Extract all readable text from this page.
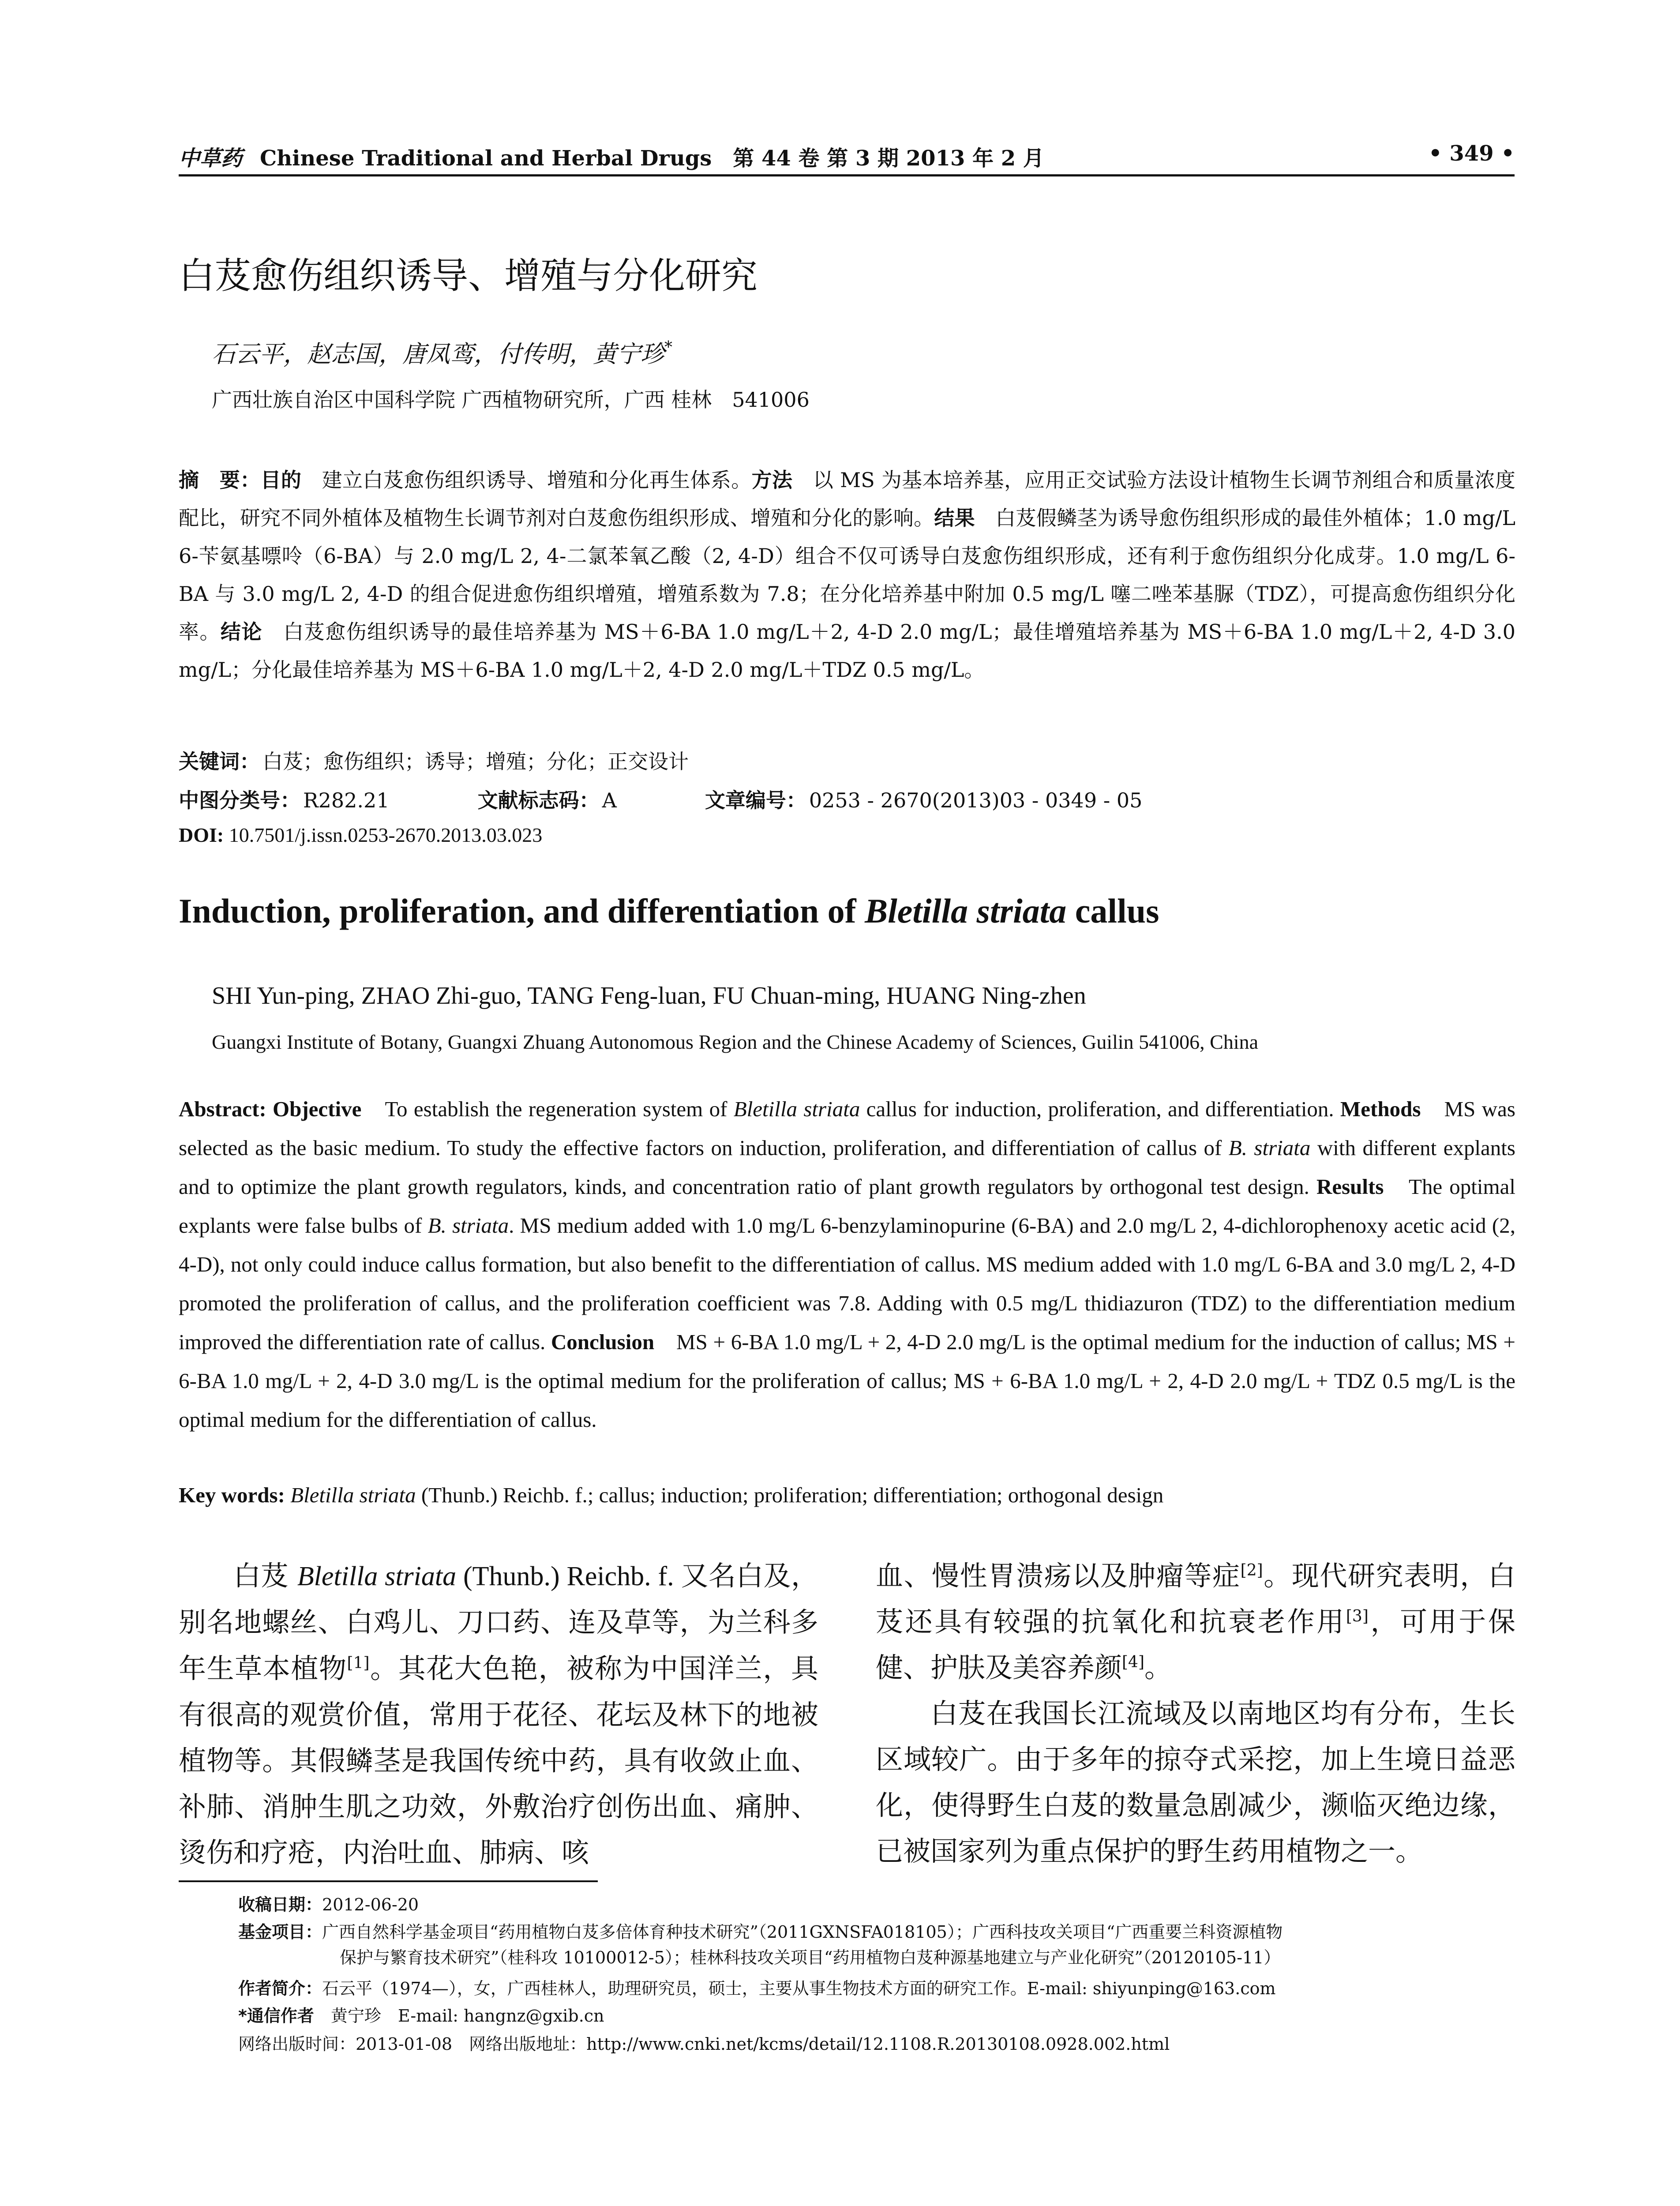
中草药 Chinese Traditional and Herbal Drugs　第 44 卷 第 3 期 2013 年 2 月	• 349 •
白芨愈伤组织诱导、增殖与分化研究
石云平，赵志国，唐凤鸾，付传明，黄宁珍*
广西壮族自治区中国科学院 广西植物研究所，广西 桂林　541006
摘　要：目的　 建立白芨愈伤组织诱导、增殖和分化再生体系。方法　 以 MS 为基本培养基，应用正交试验方法设计植物生长调节剂组合和质量浓度配比，研究不同外植体及植物生长调节剂对白芨愈伤组织形成、增殖和分化的影响。结果　 白芨假鳞茎为诱导愈伤组织形成的最佳外植体；1.0 mg/L 6-苄氨基嘌呤（6-BA）与 2.0 mg/L 2, 4-二氯苯氧乙酸（2, 4-D）组合不仅可诱导白芨愈伤组织形成，还有利于愈伤组织分化成芽。1.0 mg/L 6-BA 与 3.0 mg/L 2, 4-D 的组合促进愈伤组织增殖，增殖系数为 7.8；在分化培养基中附加 0.5 mg/L 噻二唑苯基脲（TDZ），可提高愈伤组织分化率。结论　 白芨愈伤组织诱导的最佳培养基为 MS＋6-BA 1.0 mg/L＋2, 4-D 2.0 mg/L；最佳增殖培养基为 MS＋6-BA 1.0 mg/L＋2, 4-D 3.0 mg/L；分化最佳培养基为 MS＋6-BA 1.0 mg/L＋2, 4-D 2.0 mg/L＋TDZ 0.5 mg/L。
关键词： 白芨；愈伤组织；诱导；增殖；分化；正交设计
中图分类号： R282.21	文献标志码： A	文章编号： 0253 - 2670(2013)03 - 0349 - 05
DOI: 10.7501/j.issn.0253-2670.2013.03.023
Induction, proliferation, and differentiation of Bletilla striata callus
SHI Yun-ping, ZHAO Zhi-guo, TANG Feng-luan, FU Chuan-ming, HUANG Ning-zhen
Guangxi Institute of Botany, Guangxi Zhuang Autonomous Region and the Chinese Academy of Sciences, Guilin 541006, China
Abstract: Objective　 To establish the regeneration system of Bletilla striata callus for induction, proliferation, and differentiation. Methods　 MS was selected as the basic medium. To study the effective factors on induction, proliferation, and differentiation of callus of B. striata with different explants and to optimize the plant growth regulators, kinds, and concentration ratio of plant growth regulators by orthogonal test design. Results　 The optimal explants were false bulbs of B. striata. MS medium added with 1.0 mg/L 6-benzylaminopurine (6-BA) and 2.0 mg/L 2, 4-dichlorophenoxy acetic acid (2, 4-D), not only could induce callus formation, but also benefit to the differentiation of callus. MS medium added with 1.0 mg/L 6-BA and 3.0 mg/L 2, 4-D promoted the proliferation of callus, and the proliferation coefficient was 7.8. Adding with 0.5 mg/L thidiazuron (TDZ) to the differentiation medium improved the differentiation rate of callus. Conclusion　 MS + 6-BA 1.0 mg/L + 2, 4-D 2.0 mg/L is the optimal medium for the induction of callus; MS + 6-BA 1.0 mg/L + 2, 4-D 3.0 mg/L is the optimal medium for the proliferation of callus; MS + 6-BA 1.0 mg/L + 2, 4-D 2.0 mg/L + TDZ 0.5 mg/L is the optimal medium for the differentiation of callus.
Key words: Bletilla striata (Thunb.) Reichb. f.; callus; induction; proliferation; differentiation; orthogonal design

白芨 Bletilla striata (Thunb.) Reichb. f. 又名白及，别名地螺丝、白鸡儿、刀口药、连及草等，为兰科多年生草本植物[1]。其花大色艳，被称为中国洋兰，具有很高的观赏价值，常用于花径、花坛及林下的地被植物等。其假鳞茎是我国传统中药，具有收敛止血、补肺、消肿生肌之功效，外敷治疗创伤出血、痛肿、烫伤和疗疮，内治吐血、肺病、咳

血、慢性胃溃疡以及肿瘤等症[2]。现代研究表明，白芨还具有较强的抗氧化和抗衰老作用[3]，可用于保健、护肤及美容养颜[4]。

白芨在我国长江流域及以南地区均有分布，生长区域较广。由于多年的掠夺式采挖，加上生境日益恶化，使得野生白芨的数量急剧减少，濒临灭绝边缘，已被国家列为重点保护的野生药用植物之一。

收稿日期：2012-06-20
基金项目：广西自然科学基金项目“药用植物白芨多倍体育种技术研究”（2011GXNSFA018105）；广西科技攻关项目“广西重要兰科资源植物
保护与繁育技术研究”（桂科攻 10100012-5）；桂林科技攻关项目“药用植物白芨种源基地建立与产业化研究”（20120105-11）
作者简介：石云平（1974—），女，广西桂林人，助理研究员，硕士，主要从事生物技术方面的研究工作。E-mail: shiyunping@163.com
*通信作者　黄宁珍　E-mail: hangnz@gxib.cn
网络出版时间：2013-01-08　网络出版地址：http://www.cnki.net/kcms/detail/12.1108.R.20130108.0928.002.html
